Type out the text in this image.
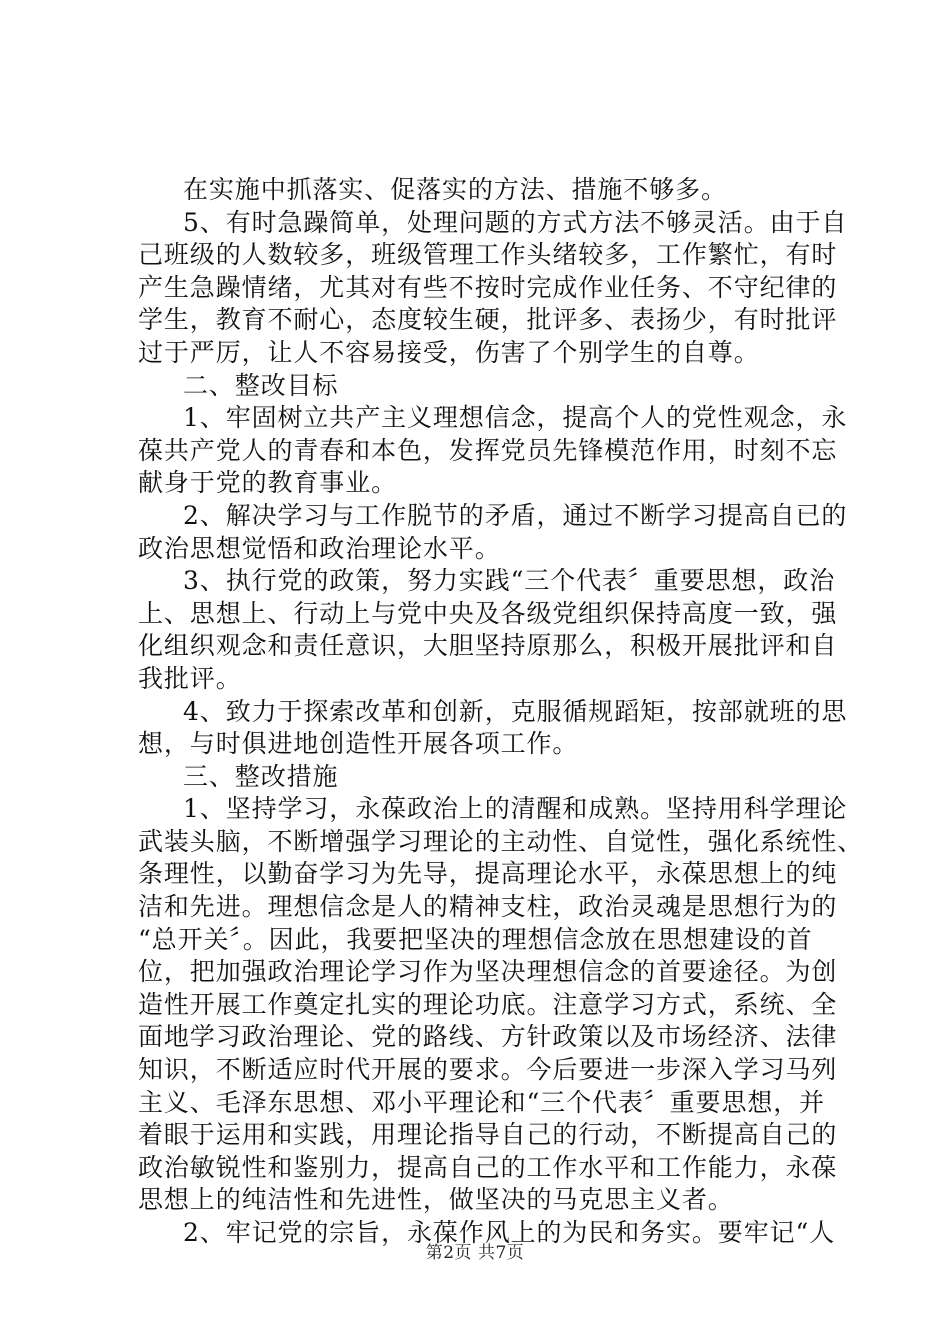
在实施中抓落实、促落实的方法、措施不够多。
5、有时急躁简单，处理问题的方式方法不够灵活。由于自
己班级的人数较多，班级管理工作头绪较多，工作繁忙，有时
产生急躁情绪，尤其对有些不按时完成作业任务、不守纪律的
学生，教育不耐心，态度较生硬，批评多、表扬少，有时批评
过于严厉，让人不容易接受，伤害了个别学生的自尊。
二、整改目标
1、牢固树立共产主义理想信念，提高个人的党性观念，永
葆共产党人的青春和本色，发挥党员先锋模范作用，时刻不忘
献身于党的教育事业。
2、解决学习与工作脱节的矛盾，通过不断学习提高自已的
政治思想觉悟和政治理论水平。
3、执行党的政策，努力实践“三个代表〞重要思想，政治
上、思想上、行动上与党中央及各级党组织保持高度一致，强
化组织观念和责任意识，大胆坚持原那么，积极开展批评和自
我批评。
4、致力于探索改革和创新，克服循规蹈矩，按部就班的思
想，与时俱进地创造性开展各项工作。
三、整改措施
1、坚持学习，永葆政治上的清醒和成熟。坚持用科学理论
武装头脑，不断增强学习理论的主动性、自觉性，强化系统性、
条理性，以勤奋学习为先导，提高理论水平，永葆思想上的纯
洁和先进。理想信念是人的精神支柱，政治灵魂是思想行为的
“总开关〞。因此，我要把坚决的理想信念放在思想建设的首
位，把加强政治理论学习作为坚决理想信念的首要途径。为创
造性开展工作奠定扎实的理论功底。注意学习方式，系统、全
面地学习政治理论、党的路线、方针政策以及市场经济、法律
知识，不断适应时代开展的要求。今后要进一步深入学习马列
主义、毛泽东思想、邓小平理论和“三个代表〞重要思想，并
着眼于运用和实践，用理论指导自己的行动，不断提高自己的
政治敏锐性和鉴别力，提高自己的工作水平和工作能力，永葆
思想上的纯洁性和先进性，做坚决的马克思主义者。
2、牢记党的宗旨，永葆作风上的为民和务实。要牢记“人
第2页 共7页
